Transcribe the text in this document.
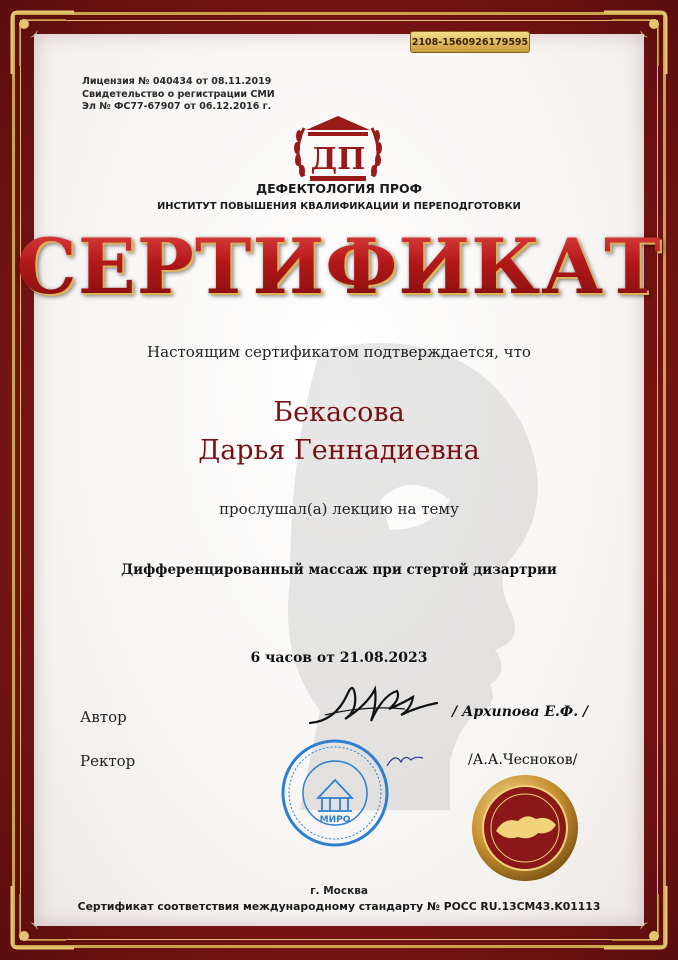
2108-1560926179595
Лицензия № 040434 от 08.11.2019
Свидетельство о регистрации СМИ
Эл № ФС77-67907 от 06.12.2016 г.
ДП
ДЕФЕКТОЛОГИЯ ПРОФ
ИНСТИТУТ ПОВЫШЕНИЯ КВАЛИФИКАЦИИ И ПЕРЕПОДГОТОВКИ
СЕРТИФИКАТ
Настоящим сертификатом подтверждается, что
Бекасова
Дарья Геннадиевна
прослушал(а) лекцию на тему
Дифференцированный массаж при стертой дизартрии
6 часов от 21.08.2023
Автор
Ректор
МИРО
/ Архипова Е.Ф. /
/А.А.Чесноков/
г. Москва
Сертификат соответствия международному стандарту № РОСС RU.13CM43.K01113
